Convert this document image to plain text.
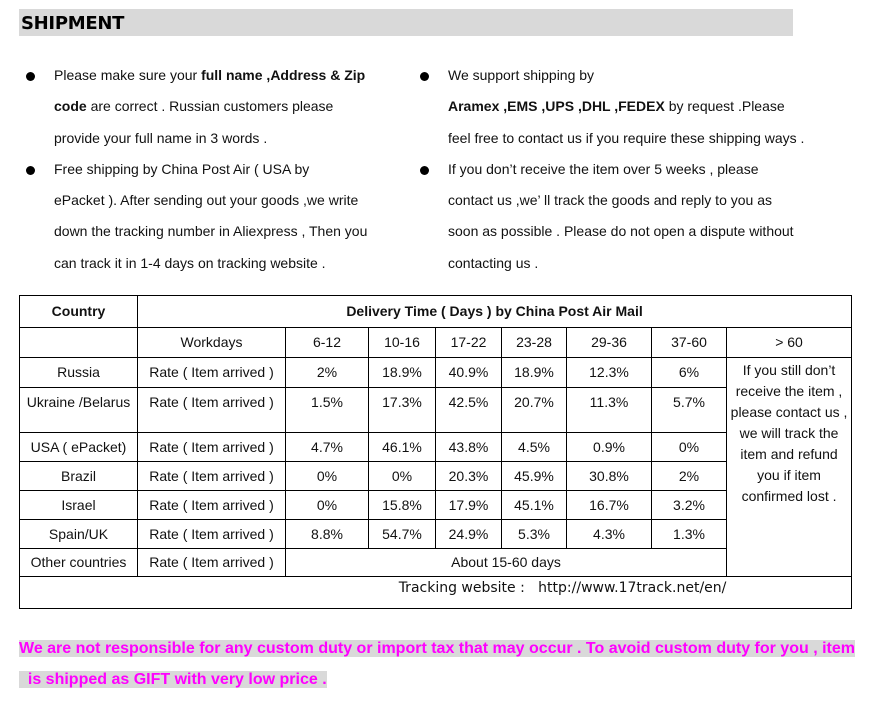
SHIPMENT
Please make sure your full name ,Address & Zip
code are correct . Russian customers please
provide your full name in 3 words .
Free shipping by China Post Air ( USA by
ePacket ). After sending out your goods ,we write
down the tracking number in Aliexpress , Then you
can track it in 1-4 days on tracking website .
We support shipping by
Aramex ,EMS ,UPS ,DHL ,FEDEX by request .Please
feel free to contact us if you require these shipping ways .
If you don’t receive the item over 5 weeks , please
contact us ,we’ ll track the goods and reply to you as
soon as possible . Please do not open a dispute without
contacting us .
Country	Delivery Time ( Days ) by China Post Air Mail							
	Workdays	6-12	10-16	17-22	23-28	29-36	37-60	> 60
Russia	Rate ( Item arrived )	2%	18.9%	40.9%	18.9%	12.3%	6%	If you still don’t receive the item , please contact us , we will track the item and refund you if item confirmed lost .
Ukraine /Belarus	Rate ( Item arrived )	1.5%	17.3%	42.5%	20.7%	11.3%	5.7%	
USA ( ePacket)	Rate ( Item arrived )	4.7%	46.1%	43.8%	4.5%	0.9%	0%	
Brazil	Rate ( Item arrived )	0%	0%	20.3%	45.9%	30.8%	2%	
Israel	Rate ( Item arrived )	0%	15.8%	17.9%	45.1%	16.7%	3.2%	
Spain/UK	Rate ( Item arrived )	8.8%	54.7%	24.9%	5.3%	4.3%	1.3%	
Other countries	Rate ( Item arrived )	About 15-60 days						
Tracking website :   http://www.17track.net/en/								
We are not responsible for any custom duty or import tax that may occur . To avoid custom duty for you , item
is shipped as GIFT with very low price .
